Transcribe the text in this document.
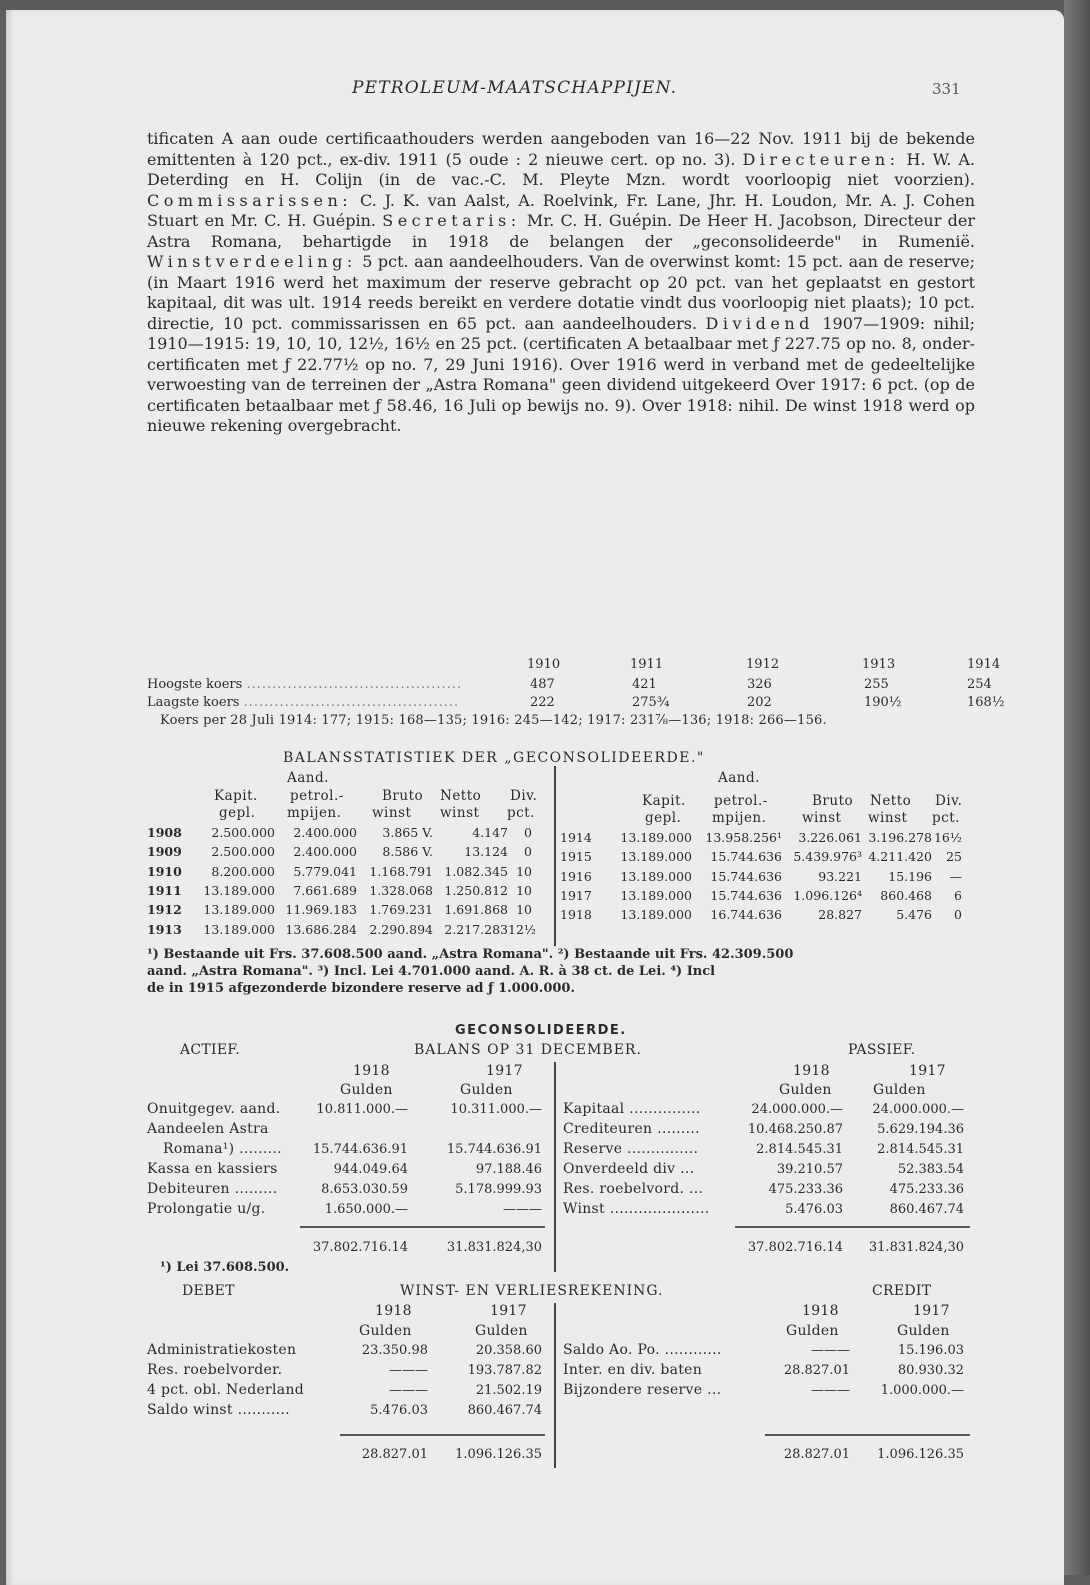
PETROLEUM-MAATSCHAPPIJEN.	331

tificaten A aan oude certificaathouders werden aangeboden van 16—22 Nov. 1911 bij de bekende emittenten à 120 pct., ex-div. 1911 (5 oude : 2 nieuwe cert. op no. 3). Directeuren: H. W. A. Deterding en H. Colijn (in de vac.-C. M. Pleyte Mzn. wordt voorloopig niet voorzien). Commissarissen: C. J. K. van Aalst, A. Roelvink, Fr. Lane, Jhr. H. Loudon, Mr. A. J. Cohen Stuart en Mr. C. H. Guépin. Secretaris: Mr. C. H. Guépin. De Heer H. Jacobson, Directeur der Astra Romana, behartigde in 1918 de belangen der „geconsolideerde" in Rumenië. Winstverdeeling: 5 pct. aan aandeelhouders. Van de overwinst komt: 15 pct. aan de reserve; (in Maart 1916 werd het maximum der reserve gebracht op 20 pct. van het geplaatst en gestort kapitaal, dit was ult. 1914 reeds bereikt en verdere dotatie vindt dus voorloopig niet plaats); 10 pct. directie, 10 pct. commissarissen en 65 pct. aan aandeelhouders. Dividend 1907—1909: nihil; 1910—1915: 19, 10, 10, 12½, 16½ en 25 pct. (certificaten A betaalbaar met ƒ 227.75 op no. 8, onder-certificaten met ƒ 22.77½ op no. 7, 29 Juni 1916). Over 1916 werd in verband met de gedeeltelijke verwoesting van de terreinen der „Astra Romana" geen dividend uitgekeerd Over 1917: 6 pct. (op de certificaten betaalbaar met ƒ 58.46, 16 Juli op bewijs no. 9). Over 1918: nihil. De winst 1918 werd op nieuwe rekening overgebracht.

1910	1911	1912	1913	1914
Hoogste koers ..........................................	487	421	326	255	254
Laagste koers ..........................................	222	275¾	202	190½	168½
Koers per 28 Juli 1914: 177; 1915: 168—135; 1916: 245—142; 1917: 231⅞—136; 1918: 266—156.
BALANSSTATISTIEK DER „GECONSOLIDEERDE."
Aand.
Kapit. petrol.-	Bruto Netto Div.
gepl. mpijen. winst winst pct.
Aand.
Kapit. petrol.-	Bruto Netto Div.
gepl. mpijen.	winst winst pct.
1908	2.500.000	2.400.000	3.865 V.	4.147	0
1909	2.500.000	2.400.000	8.586 V.	13.124	0
1910	8.200.000	5.779.041 1.168.791 1.082.345 10
1911	13.189.000	7.661.689 1.328.068 1.250.812 10
1912	13.189.000 11.969.183 1.769.231 1.691.868 10
1913	13.189.000 13.686.284 2.290.894 2.217.283 12½
1914	13.189.000	13.958.256¹	3.226.061 3.196.278 16½
1915	13.189.000	15.744.636 5.439.976³ 4.211.420	25
1916	13.189.000	15.744.636	93.221	15.196	—
1917	13.189.000	15.744.636 1.096.126⁴	860.468	6
1918	13.189.000	16.744.636	28.827	5.476	0
¹) Bestaande uit Frs. 37.608.500 aand. „Astra Romana". ²) Bestaande uit Frs. 42.309.500
aand. „Astra Romana". ³) Incl. Lei 4.701.000 aand. A. R. à 38 ct. de Lei. ⁴) Incl
de in 1915 afgezonderde bizondere reserve ad ƒ 1.000.000.
GECONSOLIDEERDE.
ACTIEF.	BALANS OP 31 DECEMBER.	PASSIEF.
1918	1917
Gulden	Gulden
1918	1917
Gulden	Gulden
Onuitgegev. aand.	10.811.000.—	10.311.000.—
Aandeelen Astra
Romana¹) .........	15.744.636.91	15.744.636.91
Kassa en kassiers	944.049.64	97.188.46
Debiteuren .........	8.653.030.59	5.178.999.93
Prolongatie u/g.	1.650.000.—	———
Kapitaal ...............	24.000.000.—	24.000.000.—
Crediteuren .........	10.468.250.87	5.629.194.36
Reserve ...............	2.814.545.31	2.814.545.31
Onverdeeld div ...	39.210.57	52.383.54
Res. roebelvord. ...	475.233.36	475.233.36
Winst .....................	5.476.03	860.467.74
37.802.716.14	31.831.824,30	37.802.716.14	31.831.824,30
¹) Lei 37.608.500.
DEBET	WINST- EN VERLIESREKENING.	CREDIT
1918	1917
Gulden	Gulden
1918	1917
Gulden	Gulden
Administratiekosten	23.350.98	20.358.60
Res. roebelvorder.	———	193.787.82
4 pct. obl. Nederland	———	21.502.19
Saldo winst ...........	5.476.03	860.467.74
Saldo Ao. Po. ............	———	15.196.03
Inter. en div. baten	28.827.01	80.930.32
Bijzondere reserve ...	———	1.000.000.—
28.827.01	1.096.126.35	28.827.01	1.096.126.35
